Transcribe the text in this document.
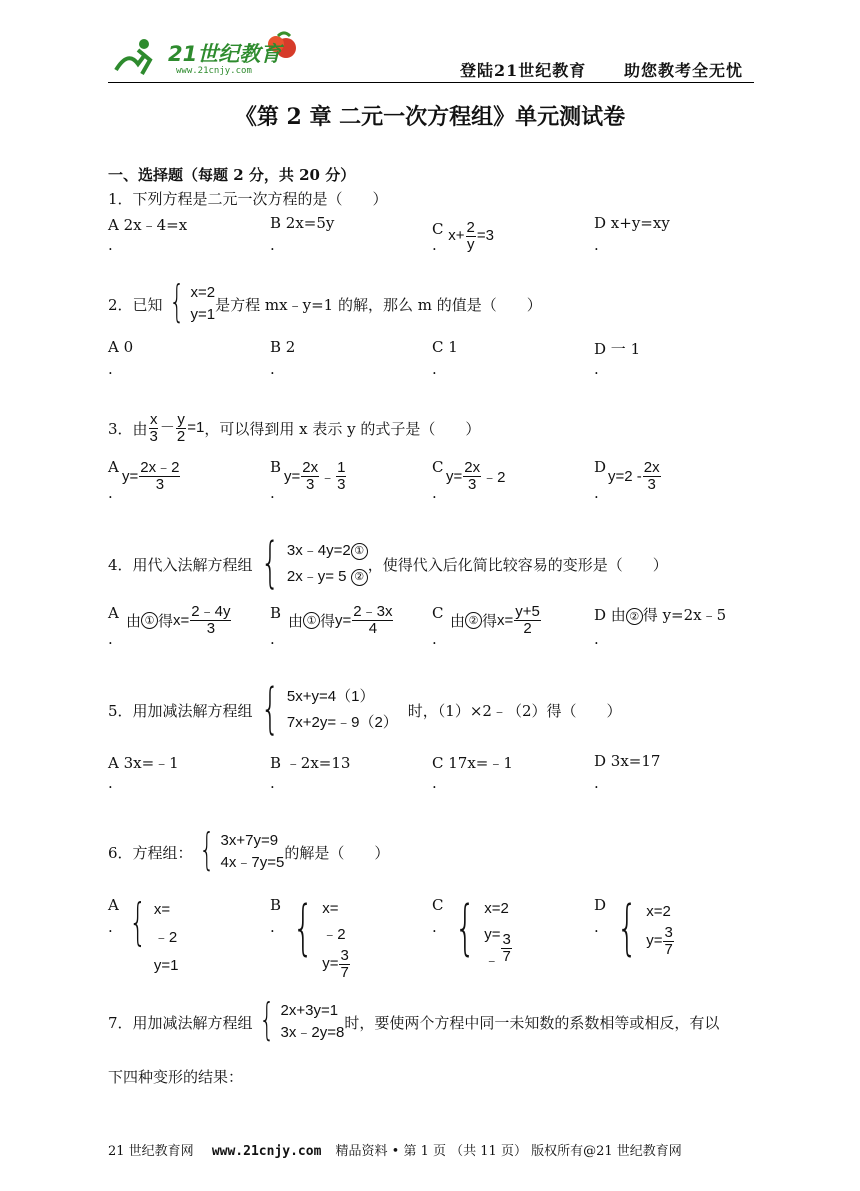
21世纪教育
www.21cnjy.com	登陆21世纪教育 助您教考全无忧
《第 2 章 二元一次方程组》单元测试卷
一、选择题（每题 2 分，共 20 分）
1．下列方程是二元一次方程的是（　　）
A 2x﹣4=x	B 2x=5y	C $x+ \frac{2}{y} =3$
D x+y=xy
.	.	.	.
2．已知 { x=2
y=1
是方程 mx﹣y=1 的解，那么 m 的值是（　　）
A 0	B 2	C 1	D 一 1
.	.	.	.
3．由 $\frac{x}{3} - \frac{y}{2} =1$ ，可以得到用 x 表示 y 的式子是（　　）
A
$y= \frac{2x﹣2}{3}$	B
$y= \frac{2x}{3}$ ﹣ $\frac{1}{3}$	C
$y= \frac{2x}{3}$ ﹣2
D
$y=2 - \frac{2x}{3}$
.	.	.	.
4．用代入法解方程组 { 3x﹣4y=2 ①
2x﹣y= 5 ②
，使得代入后化简比较容易的变形是（　　）
A 由 ① 得 $x= \frac{2﹣4y}{3}$	B 由 ① 得 $y= \frac{2﹣3x}{4}$	C 由 ② 得 $x= \frac{y+5}{2}$	D 由 ② 得 y=2x﹣5
.	.	.	.
5．用加减法解方程组 { 5x+y=4（1）
7x+2y=﹣9（2）
时，（1）×2﹣（2）得（　　）
A 3x=﹣1	B ﹣2x=13	C 17x=﹣1	D 3x=17
.	.	.	.
6．方程组： { 3x+7y=9
4x﹣7y=5
的解是（　　）
A { x=﹣2
y=1
B { x=﹣2
$y= \frac{3}{7}$
C { x=2
y=﹣ $\frac{3}{7}$
D { x=2
$y= \frac{3}{7}$
.	.	.	.
7．用加减法解方程组 { 2x+3y=1
3x﹣2y=8
时，要使两个方程中同一未知数的系数相等或相反，有以
下四种变形的结果：
21 世纪教育网 www.21cnjy.com 精品资料 • 第 1 页 （共 11 页） 版权所有@21 世纪教育网
